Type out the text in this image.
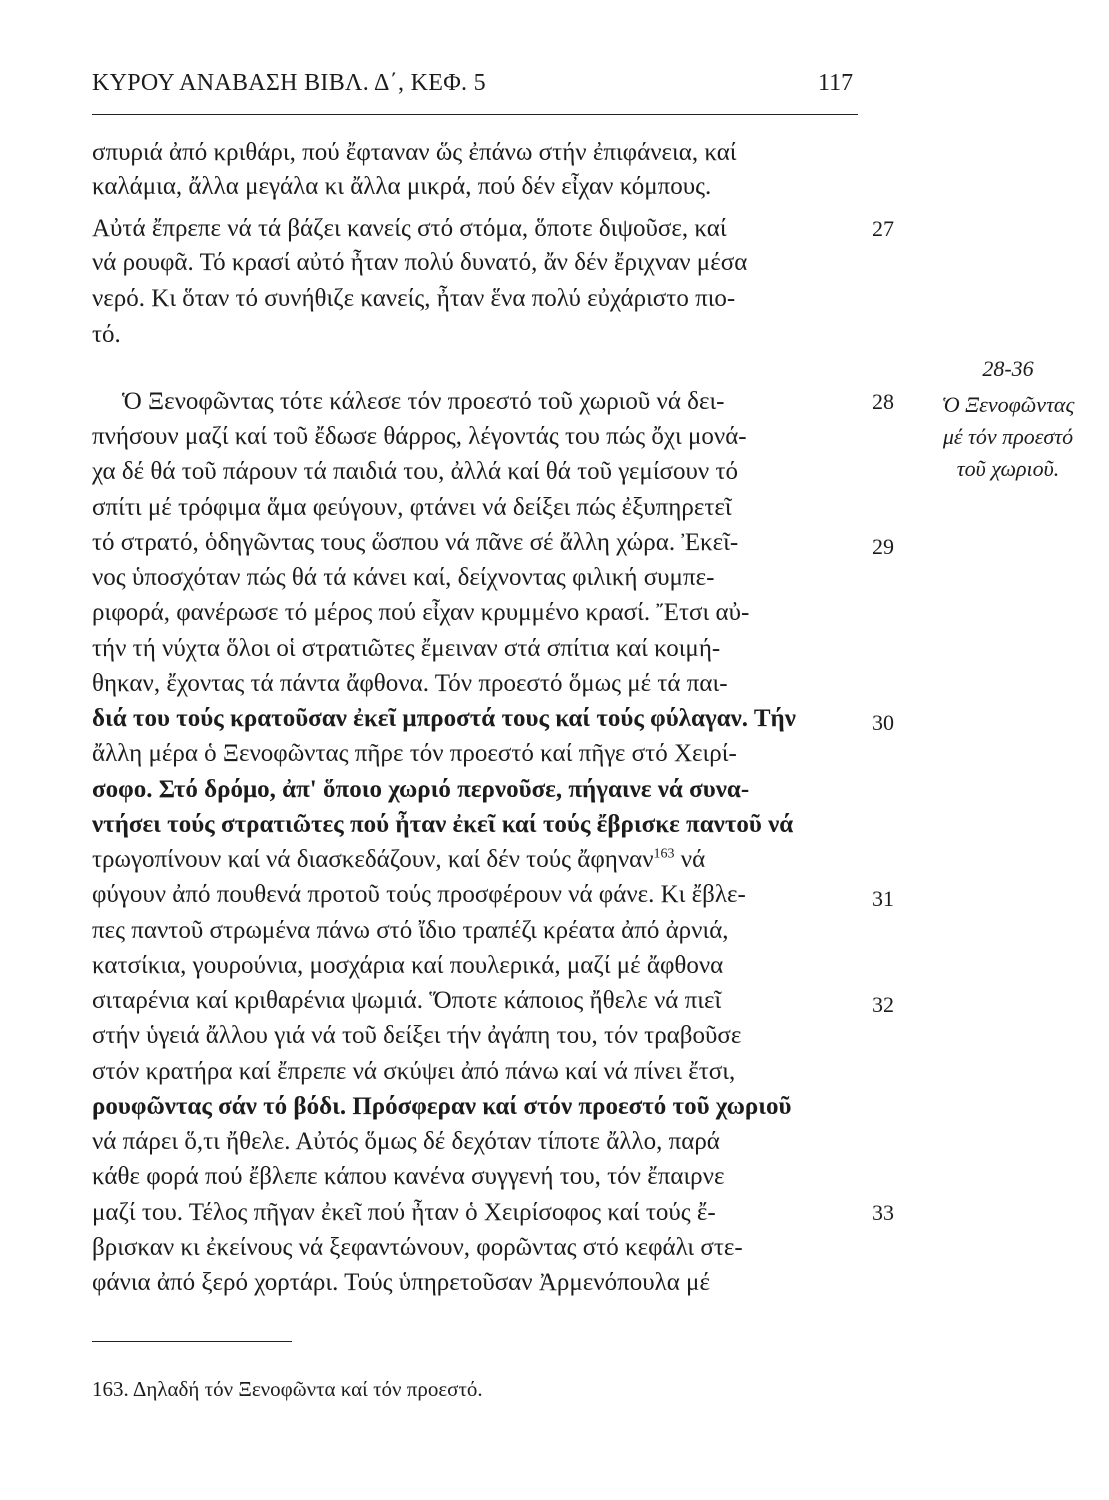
ΚΥΡΟΥ ΑΝΑΒΑΣΗ ΒΙΒΛ. Δ΄, ΚΕΦ. 5	117
σπυριά ἀπό κριθάρι, πού ἔφταναν ὥς ἐπάνω στήν ἐπιφάνεια, καί
καλάμια, ἄλλα μεγάλα κι ἄλλα μικρά, πού δέν εἶχαν κόμπους.
Αὐτά ἔπρεπε νά τά βάζει κανείς στό στόμα, ὅποτε διψοῦσε, καί
νά ρουφᾶ. Τό κρασί αὐτό ἦταν πολύ δυνατό, ἄν δέν ἔριχναν μέσα
νερό. Κι ὅταν τό συνήθιζε κανείς, ἦταν ἕνα πολύ εὐχάριστο πιο-
τό.
Ὁ Ξενοφῶντας τότε κάλεσε τόν προεστό τοῦ χωριοῦ νά δει-
πνήσουν μαζί καί τοῦ ἔδωσε θάρρος, λέγοντάς του πώς ὄχι μονά-
χα δέ θά τοῦ πάρουν τά παιδιά του, ἀλλά καί θά τοῦ γεμίσουν τό
σπίτι μέ τρόφιμα ἅμα φεύγουν, φτάνει νά δείξει πώς ἐξυπηρετεῖ
τό στρατό, ὁδηγῶντας τους ὥσπου νά πᾶνε σέ ἄλλη χώρα. Ἐκεῖ-
νος ὑποσχόταν πώς θά τά κάνει καί, δείχνοντας φιλική συμπε-
ριφορά, φανέρωσε τό μέρος πού εἶχαν κρυμμένο κρασί. Ἔτσι αὐ-
τήν τή νύχτα ὅλοι οἱ στρατιῶτες ἔμειναν στά σπίτια καί κοιμή-
θηκαν, ἔχοντας τά πάντα ἄφθονα. Τόν προεστό ὅμως μέ τά παι-
διά του τούς κρατοῦσαν ἐκεῖ μπροστά τους καί τούς φύλαγαν. Τήν
ἄλλη μέρα ὁ Ξενοφῶντας πῆρε τόν προεστό καί πῆγε στό Χειρί-
σοφο. Στό δρόμο, ἀπ' ὅποιο χωριό περνοῦσε, πήγαινε νά συνα-
ντήσει τούς στρατιῶτες πού ἦταν ἐκεῖ καί τούς ἔβρισκε παντοῦ νά
τρωγοπίνουν καί νά διασκεδάζουν, καί δέν τούς ἄφηναν$^{163}$ νά
φύγουν ἀπό πουθενά προτοῦ τούς προσφέρουν νά φάνε. Κι ἔβλε-
πες παντοῦ στρωμένα πάνω στό ἴδιο τραπέζι κρέατα ἀπό ἀρνιά,
κατσίκια, γουρούνια, μοσχάρια καί πουλερικά, μαζί μέ ἄφθονα
σιταρένια καί κριθαρένια ψωμιά. Ὅποτε κάποιος ἤθελε νά πιεῖ
στήν ὑγειά ἄλλου γιά νά τοῦ δείξει τήν ἀγάπη του, τόν τραβοῦσε
στόν κρατήρα καί ἔπρεπε νά σκύψει ἀπό πάνω καί νά πίνει ἔτσι,
ρουφῶντας σάν τό βόδι. Πρόσφεραν καί στόν προεστό τοῦ χωριοῦ
νά πάρει ὅ,τι ἤθελε. Αὐτός ὅμως δέ δεχόταν τίποτε ἄλλο, παρά
κάθε φορά πού ἔβλεπε κάπου κανένα συγγενή του, τόν ἔπαιρνε
μαζί του. Τέλος πῆγαν ἐκεῖ πού ἦταν ὁ Χειρίσοφος καί τούς ἔ-
βρισκαν κι ἐκείνους νά ξεφαντώνουν, φορῶντας στό κεφάλι στε-
φάνια ἀπό ξερό χορτάρι. Τούς ὑπηρετοῦσαν Ἀρμενόπουλα μέ
27
28
29
30
31
32
33
28-36
Ὁ Ξενοφῶντας
μέ τόν προεστό
τοῦ χωριοῦ.
163. Δηλαδή τόν Ξενοφῶντα καί τόν προεστό.
